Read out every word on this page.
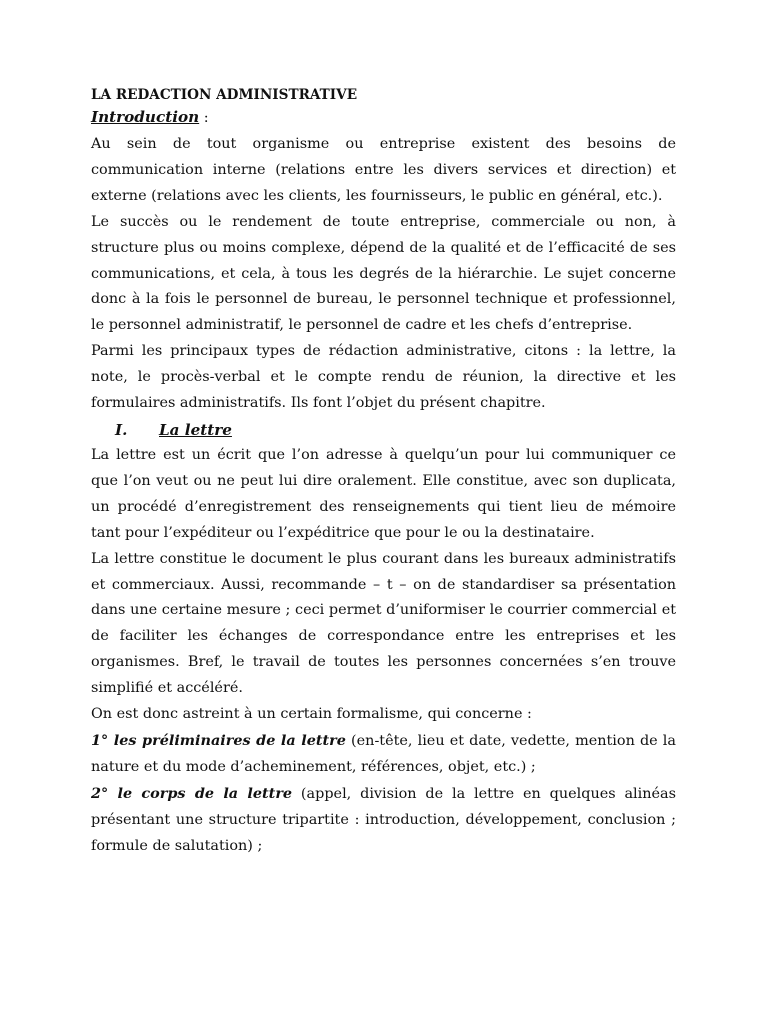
LA REDACTION ADMINISTRATIVE
Introduction :

Au sein de tout organisme ou entreprise existent des besoins de communication interne (relations entre les divers services et direction) et externe (relations avec les clients, les fournisseurs, le public en général, etc.).

Le succès ou le rendement de toute entreprise, commerciale ou non, à structure plus ou moins complexe, dépend de la qualité et de l’efficacité de ses communications, et cela, à tous les degrés de la hiérarchie. Le sujet concerne donc à la fois le personnel de bureau, le personnel technique et professionnel, le personnel administratif, le personnel de cadre et les chefs d’entreprise.

Parmi les principaux types de rédaction administrative, citons : la lettre, la note, le procès-verbal et le compte rendu de réunion, la directive et les formulaires administratifs. Ils font l’objet du présent chapitre.

I. La lettre

La lettre est un écrit que l’on adresse à quelqu’un pour lui communiquer ce que l’on veut ou ne peut lui dire oralement. Elle constitue, avec son duplicata, un procédé d’enregistrement des renseignements qui tient lieu de mémoire tant pour l’expéditeur ou l’expéditrice que pour le ou la destinataire.

La lettre constitue le document le plus courant dans les bureaux administratifs et commerciaux. Aussi, recommande – t – on de standardiser sa présentation dans une certaine mesure ; ceci permet d’uniformiser le courrier commercial et de faciliter les échanges de correspondance entre les entreprises et les organismes. Bref, le travail de toutes les personnes concernées s’en trouve simplifié et accéléré.

On est donc astreint à un certain formalisme, qui concerne :

1° les préliminaires de la lettre (en-tête, lieu et date, vedette, mention de la nature et du mode d’acheminement, références, objet, etc.) ;

2° le corps de la lettre (appel, division de la lettre en quelques alinéas présentant une structure tripartite : introduction, développement, conclusion ; formule de salutation) ;
